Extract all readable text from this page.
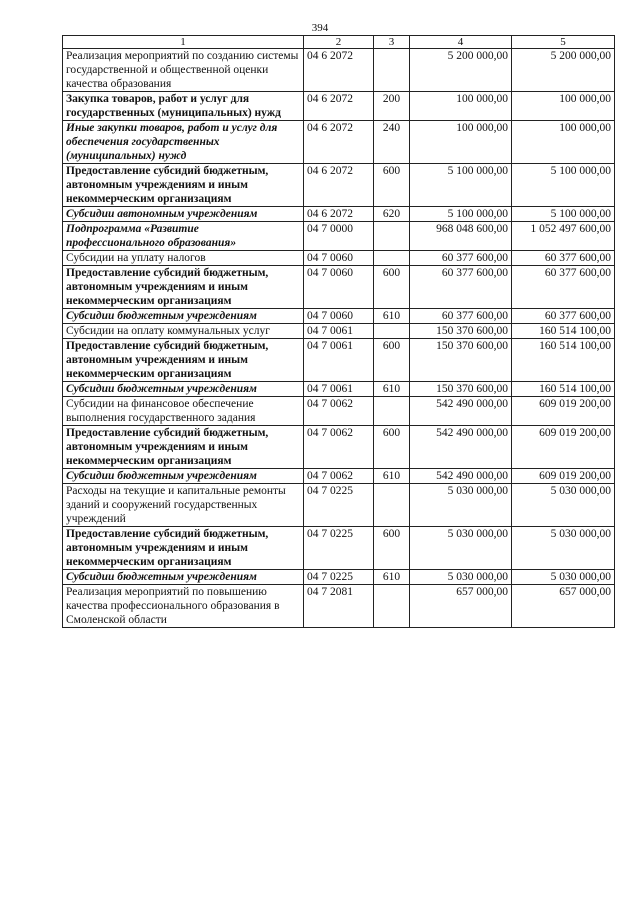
394
1	2	3	4	5
Реализация мероприятий по созданию системы государственной и общественной оценки качества образования	04 6 2072		5 200 000,00	5 200 000,00
Закупка товаров, работ и услуг для государственных (муниципальных) нужд	04 6 2072	200	100 000,00	100 000,00
Иные закупки товаров, работ и услуг для обеспечения государственных (муниципальных) нужд	04 6 2072	240	100 000,00	100 000,00
Предоставление субсидий бюджетным, автономным учреждениям и иным некоммерческим организациям	04 6 2072	600	5 100 000,00	5 100 000,00
Субсидии автономным учреждениям	04 6 2072	620	5 100 000,00	5 100 000,00
Подпрограмма «Развитие профессионального образования»	04 7 0000		968 048 600,00	1 052 497 600,00
Субсидии на уплату налогов	04 7 0060		60 377 600,00	60 377 600,00
Предоставление субсидий бюджетным, автономным учреждениям и иным некоммерческим организациям	04 7 0060	600	60 377 600,00	60 377 600,00
Субсидии бюджетным учреждениям	04 7 0060	610	60 377 600,00	60 377 600,00
Субсидии на оплату коммунальных услуг	04 7 0061		150 370 600,00	160 514 100,00
Предоставление субсидий бюджетным, автономным учреждениям и иным некоммерческим организациям	04 7 0061	600	150 370 600,00	160 514 100,00
Субсидии бюджетным учреждениям	04 7 0061	610	150 370 600,00	160 514 100,00
Субсидии на финансовое обеспечение выполнения государственного задания	04 7 0062		542 490 000,00	609 019 200,00
Предоставление субсидий бюджетным, автономным учреждениям и иным некоммерческим организациям	04 7 0062	600	542 490 000,00	609 019 200,00
Субсидии бюджетным учреждениям	04 7 0062	610	542 490 000,00	609 019 200,00
Расходы на текущие и капитальные ремонты зданий и сооружений государственных учреждений	04 7 0225		5 030 000,00	5 030 000,00
Предоставление субсидий бюджетным, автономным учреждениям и иным некоммерческим организациям	04 7 0225	600	5 030 000,00	5 030 000,00
Субсидии бюджетным учреждениям	04 7 0225	610	5 030 000,00	5 030 000,00
Реализация мероприятий по повышению качества профессионального образования в Смоленской области	04 7 2081		657 000,00	657 000,00
